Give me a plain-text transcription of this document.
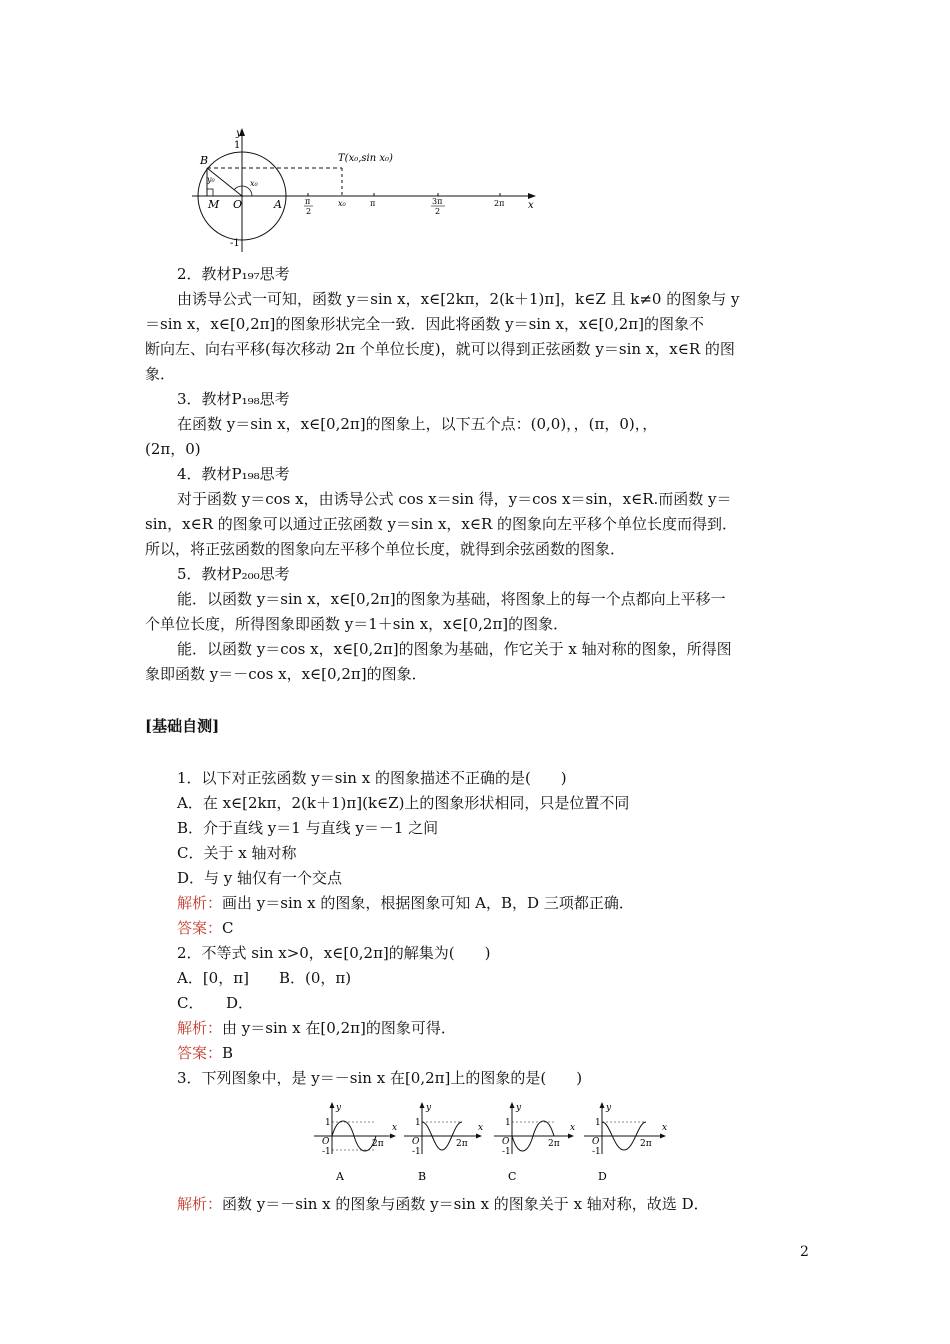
y
1
-1
B
y₀
M O	A
x₀
T(x₀,sin x₀)
π
2
x₀	π	3π
2
2π x
2．教材P₁₉₇思考
由诱导公式一可知，函数 y＝sin x，x∈[2kπ，2(k＋1)π]，k∈Z 且 k≠0 的图象与 y
＝sin x，x∈[0,2π]的图象形状完全一致．因此将函数 y＝sin x，x∈[0,2π]的图象不
断向左、向右平移(每次移动 2π 个单位长度)，就可以得到正弦函数 y＝sin x，x∈R 的图
象．
3．教材P₁₉₈思考
在函数 y＝sin x，x∈[0,2π]的图象上，以下五个点：(0,0)，，(π，0)，，
(2π，0)
4．教材P₁₉₈思考
对于函数 y＝cos x，由诱导公式 cos x＝sin 得，y＝cos x＝sin，x∈R.而函数 y＝
sin，x∈R 的图象可以通过正弦函数 y＝sin x，x∈R 的图象向左平移个单位长度而得到．
所以，将正弦函数的图象向左平移个单位长度，就得到余弦函数的图象．
5．教材P₂₀₀思考
能．以函数 y＝sin x，x∈[0,2π]的图象为基础，将图象上的每一个点都向上平移一
个单位长度，所得图象即函数 y＝1＋sin x，x∈[0,2π]的图象．
能．以函数 y＝cos x，x∈[0,2π]的图象为基础，作它关于 x 轴对称的图象，所得图
象即函数 y＝－cos x，x∈[0,2π]的图象．
[基础自测]
1．以下对正弦函数 y＝sin x 的图象描述不正确的是(　　)
A．在 x∈[2kπ，2(k＋1)π](k∈Z)上的图象形状相同，只是位置不同
B．介于直线 y＝1 与直线 y＝－1 之间
C．关于 x 轴对称
D．与 y 轴仅有一个交点
解析：画出 y＝sin x 的图象，根据图象可知 A，B，D 三项都正确．
答案：C
2．不等式 sin x>0，x∈[0,2π]的解集为(　　)
A．[0，π]　　B．(0，π)
C．　　D．
解析：由 y＝sin x 在[0,2π]的图象可得．
答案：B
3．下列图象中，是 y＝－sin x 在[0,2π]上的图象的是(　　)
y
1
O
-1
2π
x
A
y
1
O
-1
2π
x
B
y
1
O
-1
2π
x
C
y
1
O
-1
2π
x
D
解析：函数 y＝－sin x 的图象与函数 y＝sin x 的图象关于 x 轴对称，故选 D．
2
